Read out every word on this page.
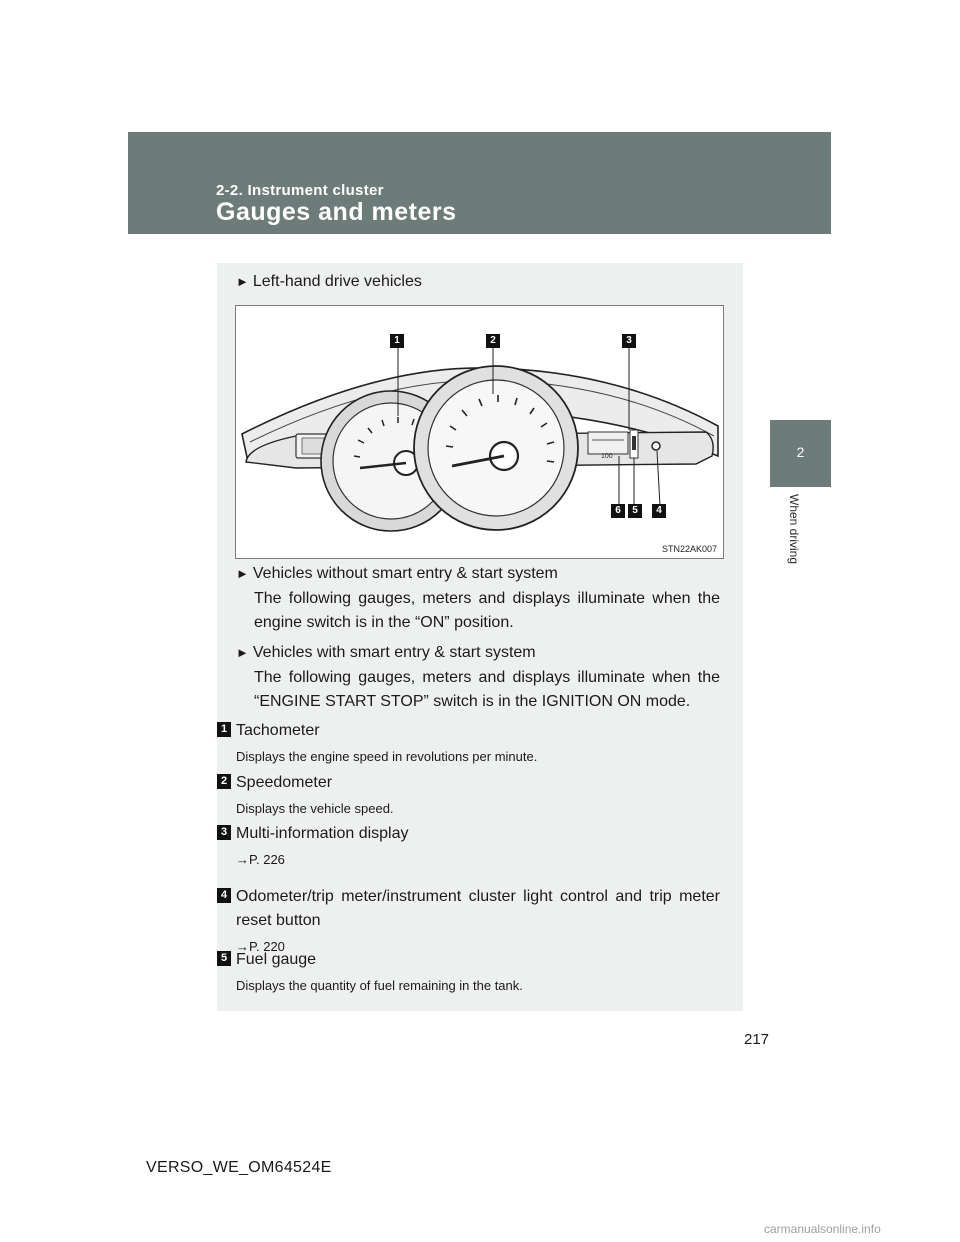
2-2. Instrument cluster
Gauges and meters
2
When driving
► Left-hand drive vehicles
100
1	2	3
4
5
6
STN22AK007
► Vehicles without smart entry & start system
The following gauges, meters and displays illuminate when the engine switch is in the “ON” position.
► Vehicles with smart entry & start system
The following gauges, meters and displays illuminate when the “ENGINE START STOP” switch is in the IGNITION ON mode.
1 Tachometer
Displays the engine speed in revolutions per minute.
2 Speedometer
Displays the vehicle speed.
3 Multi-information display
→P. 226
4 Odometer/trip meter/instrument cluster light control and trip meter reset button
→P. 220
5 Fuel gauge
Displays the quantity of fuel remaining in the tank.
217
VERSO_WE_OM64524E
carmanualsonline.info
